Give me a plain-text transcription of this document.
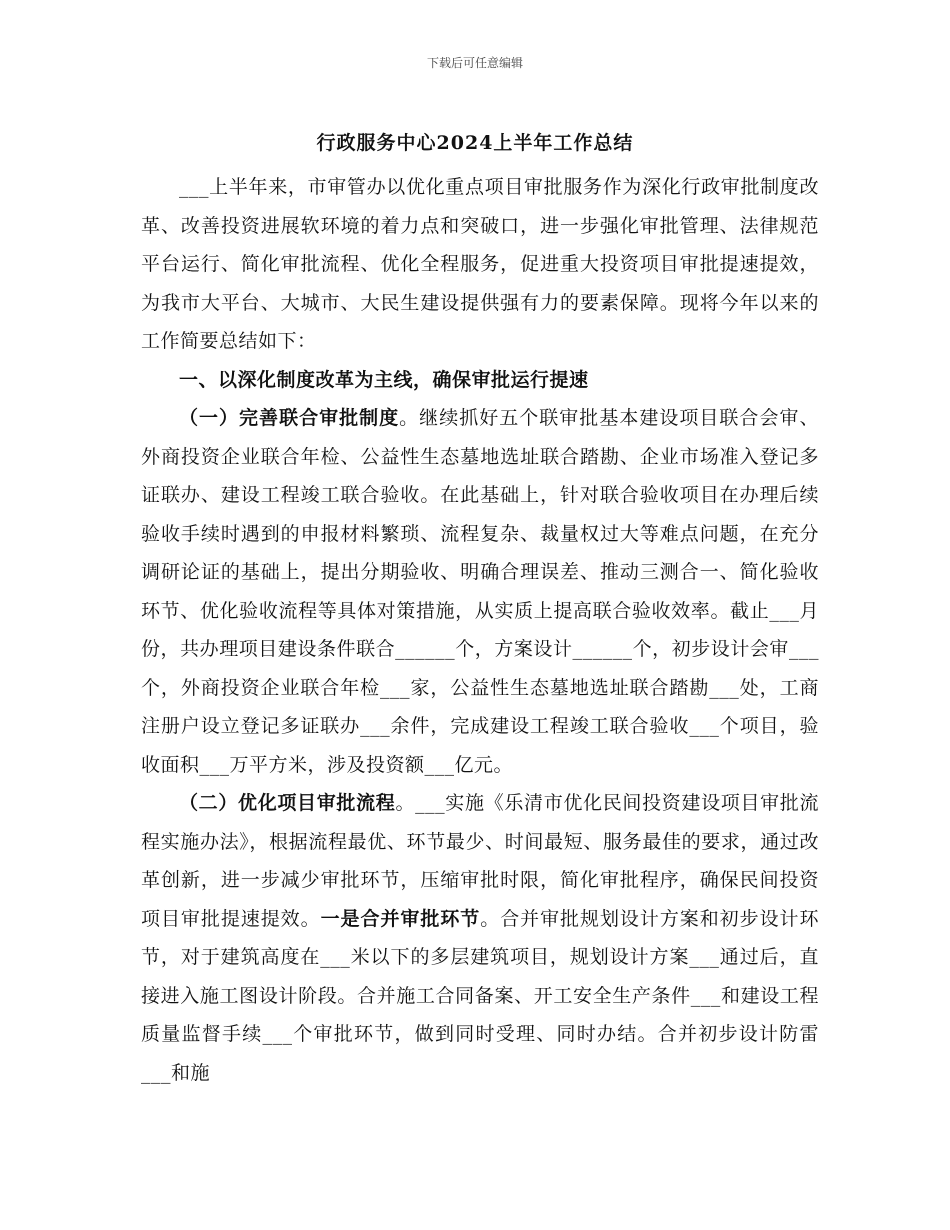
下载后可任意编辑
行政服务中心2024上半年工作总结

___上半年来，市审管办以优化重点项目审批服务作为深化行政审批制度改革、改善投资进展软环境的着力点和突破口，进一步强化审批管理、法律规范平台运行、简化审批流程、优化全程服务，促进重大投资项目审批提速提效，为我市大平台、大城市、大民生建设提供强有力的要素保障。现将今年以来的工作简要总结如下：

一、以深化制度改革为主线，确保审批运行提速

（一）完善联合审批制度。继续抓好五个联审批基本建设项目联合会审、外商投资企业联合年检、公益性生态墓地选址联合踏勘、企业市场准入登记多证联办、建设工程竣工联合验收。在此基础上，针对联合验收项目在办理后续验收手续时遇到的申报材料繁琐、流程复杂、裁量权过大等难点问题，在充分调研论证的基础上，提出分期验收、明确合理误差、推动三测合一、简化验收环节、优化验收流程等具体对策措施，从实质上提高联合验收效率。截止___月份，共办理项目建设条件联合______个，方案设计______个，初步设计会审___个，外商投资企业联合年检___家，公益性生态墓地选址联合踏勘___处，工商注册户设立登记多证联办___余件，完成建设工程竣工联合验收___个项目，验收面积___万平方米，涉及投资额___亿元。

（二）优化项目审批流程。___实施《乐清市优化民间投资建设项目审批流程实施办法》，根据流程最优、环节最少、时间最短、服务最佳的要求，通过改革创新，进一步减少审批环节，压缩审批时限，简化审批程序，确保民间投资项目审批提速提效。一是合并审批环节。合并审批规划设计方案和初步设计环节，对于建筑高度在___米以下的多层建筑项目，规划设计方案___通过后，直接进入施工图设计阶段。合并施工合同备案、开工安全生产条件___和建设工程质量监督手续___个审批环节，做到同时受理、同时办结。合并初步设计防雷___和施
